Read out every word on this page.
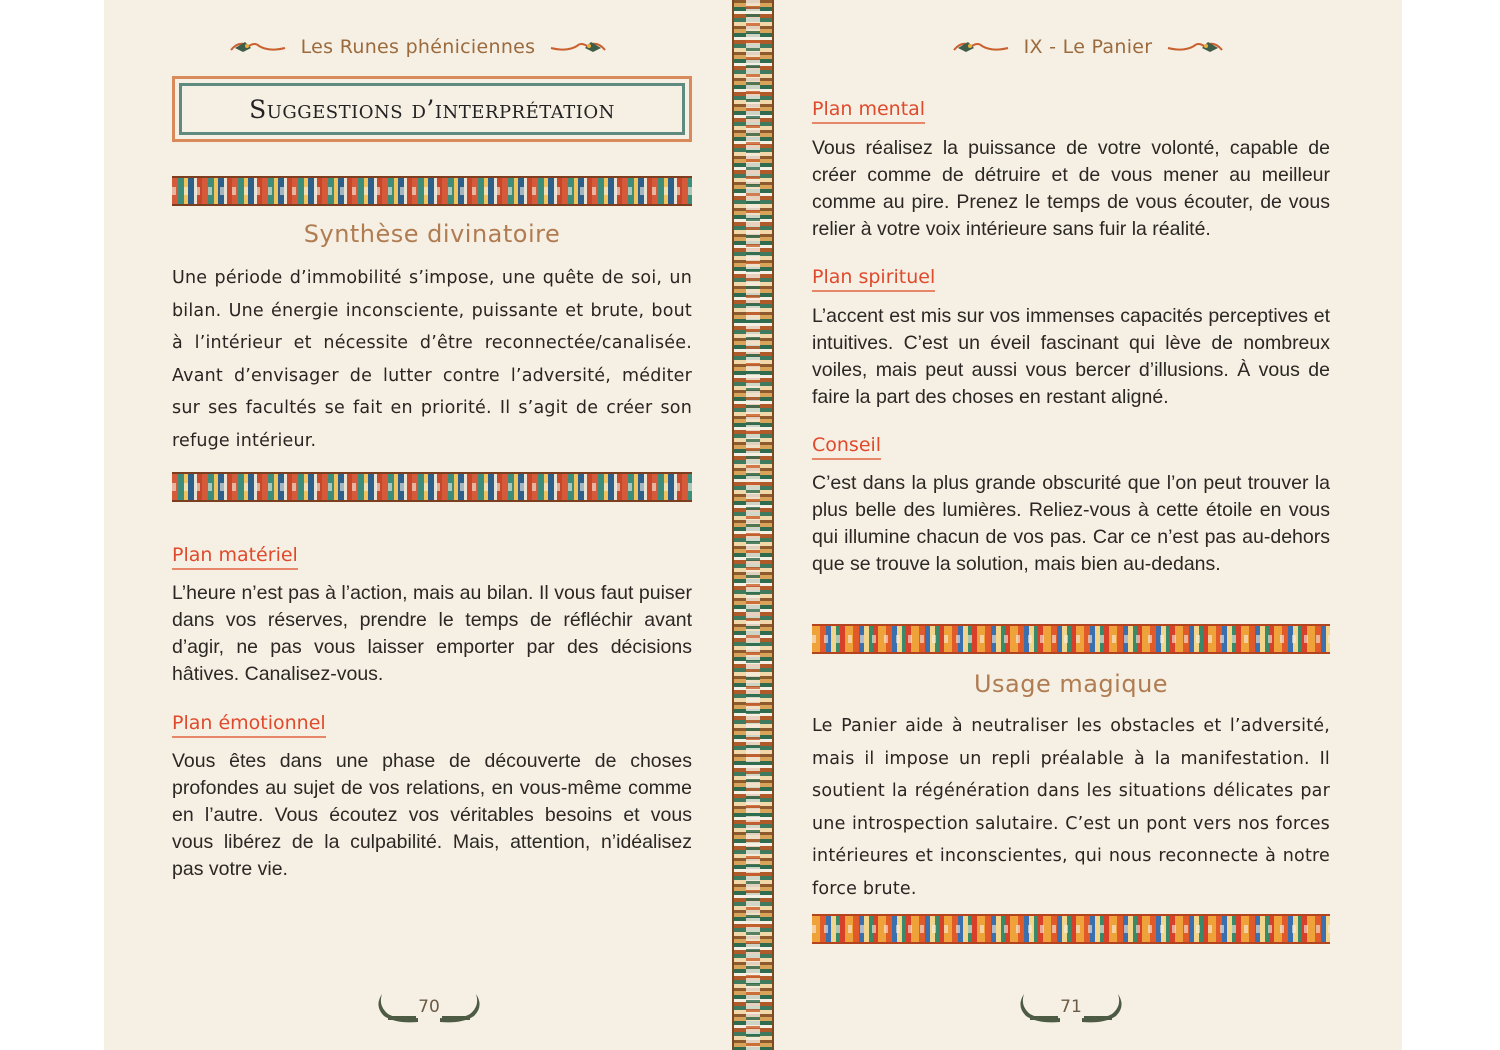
Les Runes phéniciennes
Suggestions d’interprétation
Synthèse divinatoire
Une période d’immobilité s’impose, une quête de soi, un bilan. Une énergie inconsciente, puissante et brute, bout à l’intérieur et nécessite d’être reconnectée/canalisée. Avant d’envisager de lutter contre l’adversité, méditer sur ses facultés se fait en priorité. Il s’agit de créer son refuge intérieur.
Plan matériel
L’heure n’est pas à l’action, mais au bilan. Il vous faut puiser dans vos réserves, prendre le temps de réfléchir avant d’agir, ne pas vous laisser emporter par des décisions hâtives. Canalisez-vous.
Plan émotionnel
Vous êtes dans une phase de découverte de choses profondes au sujet de vos relations, en vous-même comme en l’autre. Vous écoutez vos véritables besoins et vous vous libérez de la culpabilité. Mais, attention, n’idéalisez pas votre vie.
70
IX - Le Panier
Plan mental
Vous réalisez la puissance de votre volonté, capable de créer comme de détruire et de vous mener au meilleur comme au pire. Prenez le temps de vous écouter, de vous relier à votre voix intérieure sans fuir la réalité.
Plan spirituel
L’accent est mis sur vos immenses capacités perceptives et intuitives. C’est un éveil fascinant qui lève de nombreux voiles, mais peut aussi vous bercer d’illusions. À vous de faire la part des choses en restant aligné.
Conseil
C’est dans la plus grande obscurité que l’on peut trouver la plus belle des lumières. Reliez-vous à cette étoile en vous qui illumine chacun de vos pas. Car ce n’est pas au-dehors que se trouve la solution, mais bien au-dedans.
Usage magique
Le Panier aide à neutraliser les obstacles et l’adversité, mais il impose un repli préalable à la manifestation. Il soutient la régénération dans les situations délicates par une introspection salutaire. C’est un pont vers nos forces intérieures et inconscientes, qui nous reconnecte à notre force brute.
71
